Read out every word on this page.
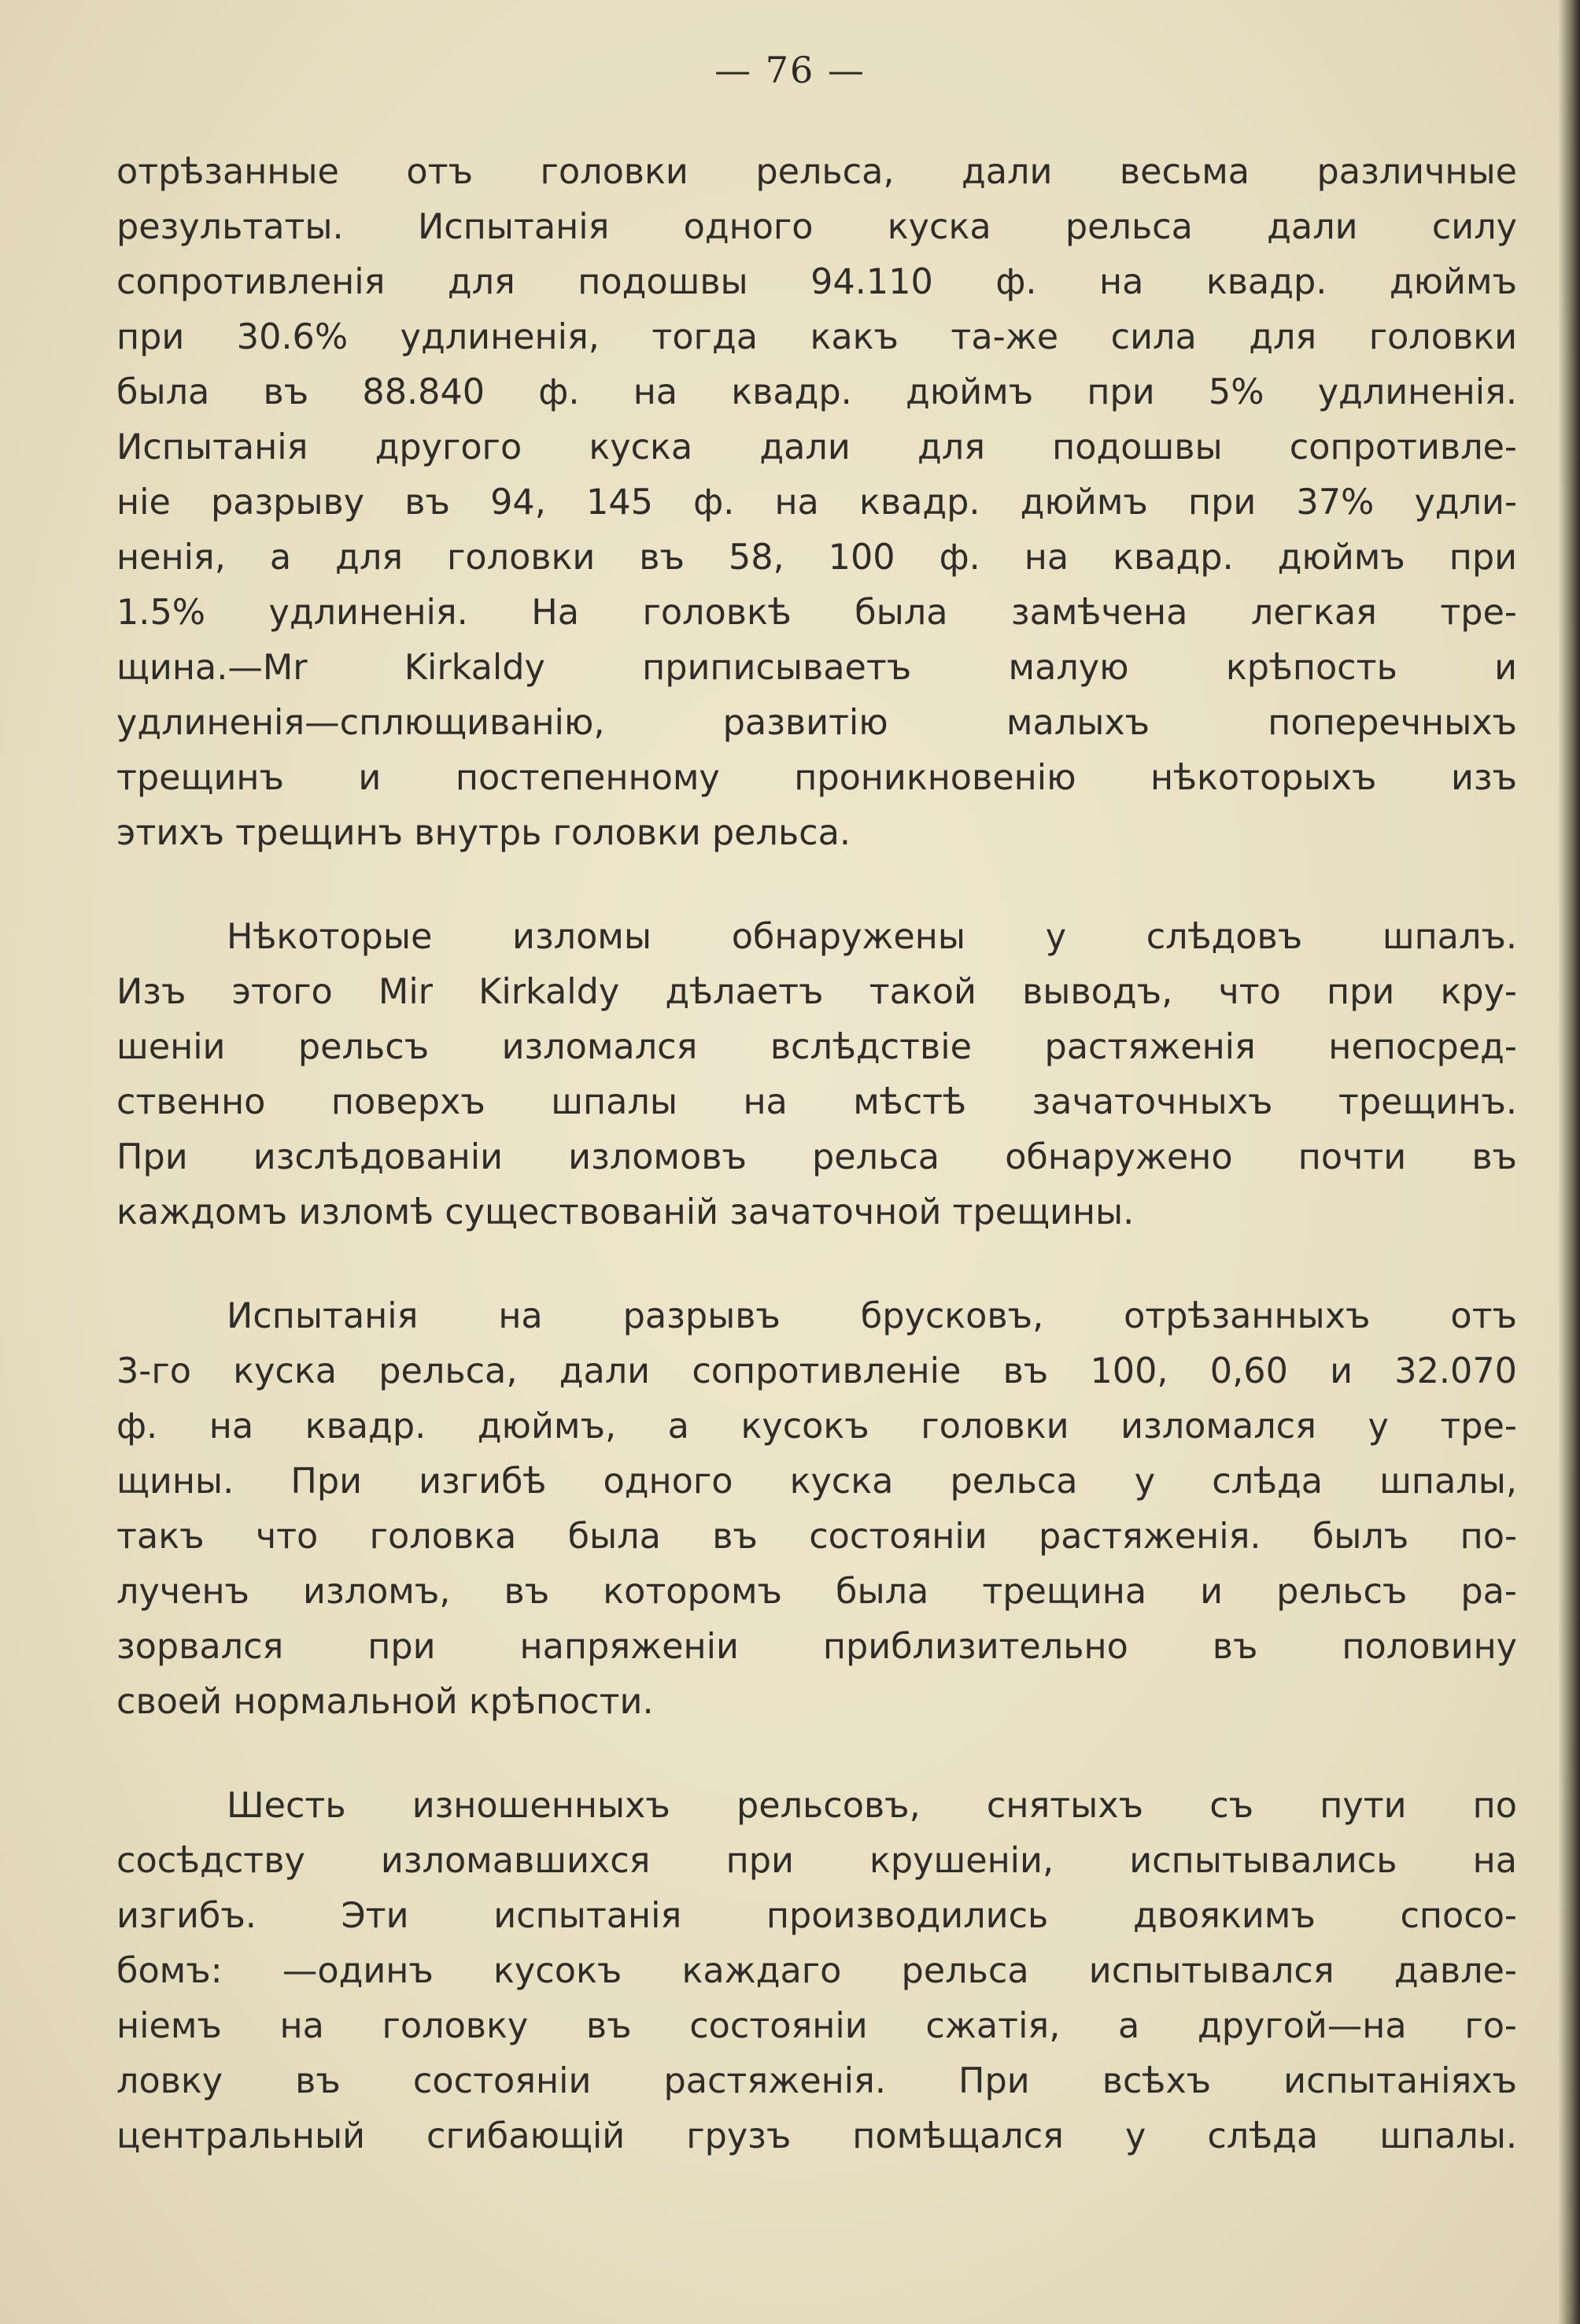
— 76 —
отрѣзанные отъ головки рельса, дали весьма различные
результаты. Испытанія одного куска рельса дали силу
сопротивленія для подошвы 94.110 ф. на квадр. дюймъ
при 30.6% удлиненія, тогда какъ та-же сила для головки
была въ 88.840 ф. на квадр. дюймъ при 5% удлиненія.
Испытанія другого куска дали для подошвы сопротивле-
ніе разрыву въ 94, 145 ф. на квадр. дюймъ при 37% удли-
ненія, а для головки въ 58, 100 ф. на квадр. дюймъ при
1.5% удлиненія. На головкѣ была замѣчена легкая тре-
щина.—Mr Kirkaldy приписываетъ малую крѣпость и
удлиненія—сплющиванію, развитію малыхъ поперечныхъ
трещинъ и постепенному проникновенію нѣкоторыхъ изъ
этихъ трещинъ внутрь головки рельса.
Нѣкоторые изломы обнаружены у слѣдовъ шпалъ.
Изъ этого Mir Kirkaldy дѣлаетъ такой выводъ, что при кру-
шеніи рельсъ изломался вслѣдствіе растяженія непосред-
ственно поверхъ шпалы на мѣстѣ зачаточныхъ трещинъ.
При изслѣдованіи изломовъ рельса обнаружено почти въ
каждомъ изломѣ существованій зачаточной трещины.
Испытанія на разрывъ брусковъ, отрѣзанныхъ отъ
3-го куска рельса, дали сопротивленіе въ 100, 0,60 и 32.070
ф. на квадр. дюймъ, а кусокъ головки изломался у тре-
щины. При изгибѣ одного куска рельса у слѣда шпалы,
такъ что головка была въ состояніи растяженія. былъ по-
лученъ изломъ, въ которомъ была трещина и рельсъ ра-
зорвался при напряженіи приблизительно въ половину
своей нормальной крѣпости.
Шесть изношенныхъ рельсовъ, снятыхъ съ пути по
сосѣдству изломавшихся при крушеніи, испытывались на
изгибъ. Эти испытанія производились двоякимъ спосо-
бомъ: —одинъ кусокъ каждаго рельса испытывался давле-
ніемъ на головку въ состояніи сжатія, а другой—на го-
ловку въ состояніи растяженія. При всѣхъ испытаніяхъ
центральный сгибающій грузъ помѣщался у слѣда шпалы.
